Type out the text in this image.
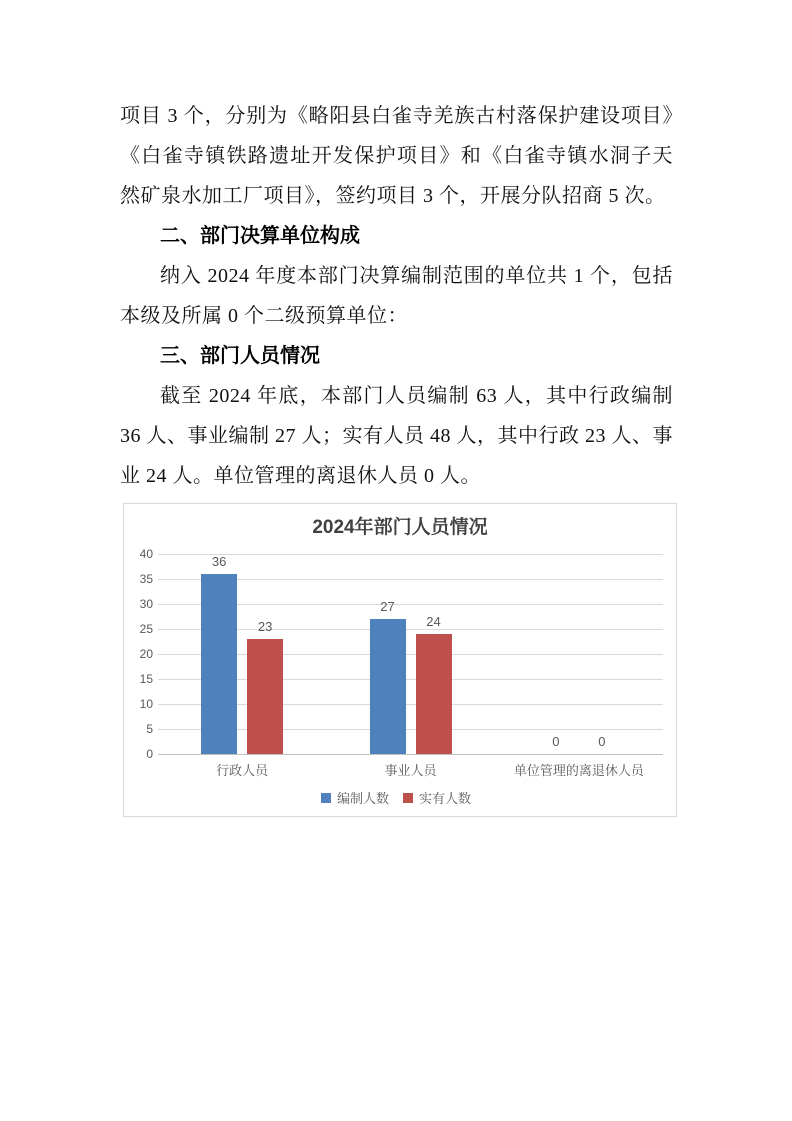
项目 3 个，分别为《略阳县白雀寺羌族古村落保护建设项目》《白雀寺镇铁路遗址开发保护项目》和《白雀寺镇水洞子天然矿泉水加工厂项目》，签约项目 3 个，开展分队招商 5 次。

二、部门决算单位构成

纳入 2024 年度本部门决算编制范围的单位共 1 个，包括本级及所属 0 个二级预算单位：

三、部门人员情况

截至 2024 年底，本部门人员编制 63 人，其中行政编制 36 人、事业编制 27 人；实有人员 48 人，其中行政 23 人、事业 24 人。单位管理的离退休人员 0 人。

2024年部门人员情况
0
5
10
15
20
25
30
35
40	36
23
行政人员
27
24
事业人员
0	0
单位管理的离退休人员
编制人数 实有人数
